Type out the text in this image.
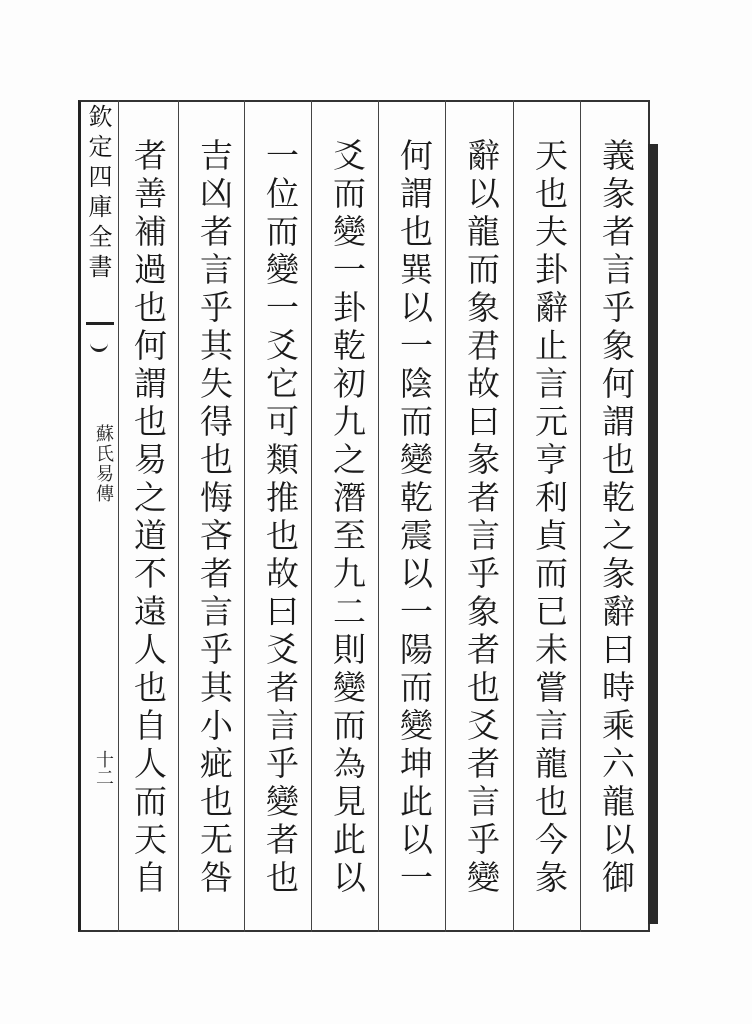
欽定四庫全書
蘇氏易傳
十二	義彖者言乎象何謂也乾之彖辭曰時乘六龍以御
天也夫卦辭止言元亨利貞而已未嘗言龍也今彖
辭以龍而象君故曰彖者言乎象者也爻者言乎變
何謂也巽以一陰而變乾震以一陽而變坤此以一
爻而變一卦乾初九之潛至九二則變而為見此以
一位而變一爻它可類推也故曰爻者言乎變者也
吉凶者言乎其失得也悔吝者言乎其小疵也无咎
者善補過也何謂也易之道不遠人也自人而天自
